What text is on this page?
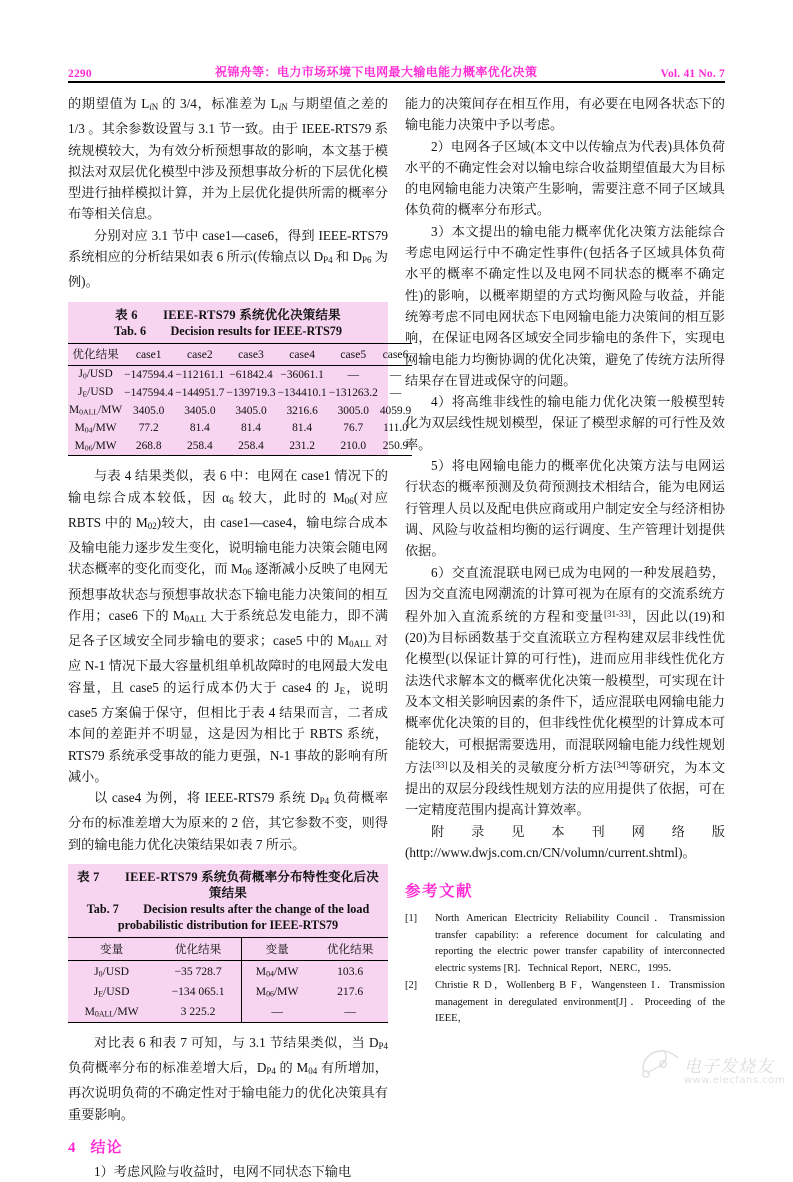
2290	祝锦舟等：电力市场环境下电网最大输电能力概率优化决策	Vol. 41 No. 7

的期望值为 $L_{iN}$ 的 3/4，标准差为 $L_{iN}$ 与期望值之差的 1/3 。其余参数设置与 3.1 节一致。由于 IEEE-RTS79 系统规模较大，为有效分析预想事故的影响，本文基于模拟法对双层优化模型中涉及预想事故分析的下层优化模型进行抽样模拟计算，并为上层优化提供所需的概率分布等相关信息。

分别对应 3.1 节中 case1—case6，得到 IEEE-RTS79 系统相应的分析结果如表 6 所示(传输点以 $D_{P4}$ 和 $D_{P6}$ 为例)。

表 6　　IEEE-RTS79 系统优化决策结果
Tab. 6　　Decision results for IEEE-RTS79
优化结果	case1	case2	case3	case4	case5	case6
$J_0$/USD	−147594.4	−112161.1	−61842.4	−36061.1	—	—
$J_E$/USD	−147594.4	−144951.7	−139719.3	−134410.1	−131263.2	—
$M_{0ALL}/MW$	3405.0	3405.0	3405.0	3216.6	3005.0	4059.9
$M_{04}/MW$	77.2	81.4	81.4	81.4	76.7	111.0
$M_{06}/MW$	268.8	258.4	258.4	231.2	210.0	250.9

与表 4 结果类似，表 6 中：电网在 case1 情况下的输电综合成本较低，因 $\alpha_6$ 较大，此时的 $M_{06}$(对应 RBTS 中的 $M_{02}$)较大，由 case1—case4，输电综合成本及输电能力逐步发生变化，说明输电能力决策会随电网状态概率的变化而变化，而 $M_{06}$ 逐渐减小反映了电网无预想事故状态与预想事故状态下输电能力决策间的相互作用；case6 下的 $M_{0ALL}$ 大于系统总发电能力，即不满足各子区域安全同步输电的要求；case5 中的 $M_{0ALL}$ 对应 N-1 情况下最大容量机组单机故障时的电网最大发电容量，且 case5 的运行成本仍大于 case4 的 $J_E$，说明 case5 方案偏于保守，但相比于表 4 结果而言，二者成本间的差距并不明显，这是因为相比于 RBTS 系统，RTS79 系统承受事故的能力更强，N-1 事故的影响有所减小。

以 case4 为例，将 IEEE-RTS79 系统 $D_{P4}$ 负荷概率分布的标准差增大为原来的 2 倍，其它参数不变，则得到的输电能力优化决策结果如表 7 所示。

表 7　　IEEE-RTS79 系统负荷概率分布特性变化后决策结果
Tab. 7　　Decision results after the change of the load
probabilistic distribution for IEEE-RTS79
变量	优化结果	变量	优化结果
$J_0$/USD	−35 728.7	$M_{04}/MW$	103.6
$J_E$/USD	−134 065.1	$M_{06}/MW$	217.6
$M_{0ALL}/MW$	3 225.2	—	—

对比表 6 和表 7 可知，与 3.1 节结果类似，当 $D_{P4}$ 负荷概率分布的标准差增大后，$D_{P4}$ 的 $M_{04}$ 有所增加，再次说明负荷的不确定性对于输电能力的优化决策具有重要影响。

4 结论

1）考虑风险与收益时，电网不同状态下输电

能力的决策间存在相互作用，有必要在电网各状态下的输电能力决策中予以考虑。

2）电网各子区域(本文中以传输点为代表)具体负荷水平的不确定性会对以输电综合收益期望值最大为目标的电网输电能力决策产生影响，需要注意不同子区域具体负荷的概率分布形式。

3）本文提出的输电能力概率优化决策方法能综合考虑电网运行中不确定性事件(包括各子区域具体负荷水平的概率不确定性以及电网不同状态的概率不确定性)的影响，以概率期望的方式均衡风险与收益，并能统筹考虑不同电网状态下电网输电能力决策间的相互影响，在保证电网各区域安全同步输电的条件下，实现电网输电能力均衡协调的优化决策，避免了传统方法所得结果存在冒进或保守的问题。

4）将高维非线性的输电能力优化决策一般模型转化为双层线性规划模型，保证了模型求解的可行性及效率。

5）将电网输电能力的概率优化决策方法与电网运行状态的概率预测及负荷预测技术相结合，能为电网运行管理人员以及配电供应商或用户制定安全与经济相协调、风险与收益相均衡的运行调度、生产管理计划提供依据。

6）交直流混联电网已成为电网的一种发展趋势，因为交直流电网潮流的计算可视为在原有的交流系统方程外加入直流系统的方程和变量[31-33]，因此以(19)和(20)为目标函数基于交直流联立方程构建双层非线性优化模型(以保证计算的可行性)，进而应用非线性优化方法迭代求解本文的概率优化决策一般模型，可实现在计及本文相关影响因素的条件下，适应混联电网输电能力概率优化决策的目的，但非线性优化模型的计算成本可能较大，可根据需要选用，而混联网输电能力线性规划方法[33]以及相关的灵敏度分析方法[34]等研究，为本文提出的双层分段线性规划方法的应用提供了依据，可在一定精度范围内提高计算效率。

附录见本刊网络版(http://www.dwjs.com.cn/CN/volumn/current.shtml)。

参考文献
[1]	North American Electricity Reliability Council．Transmission transfer capability: a reference document for calculating and reporting the electric power transfer capability of interconnected electric systems [R]．Technical Report，NERC，1995．
[2]	Christie R D，Wollenberg B F，Wangensteen I．Transmission management in deregulated environment[J]．Proceeding of the IEEE，
电子发烧友
www.elecfans.com
